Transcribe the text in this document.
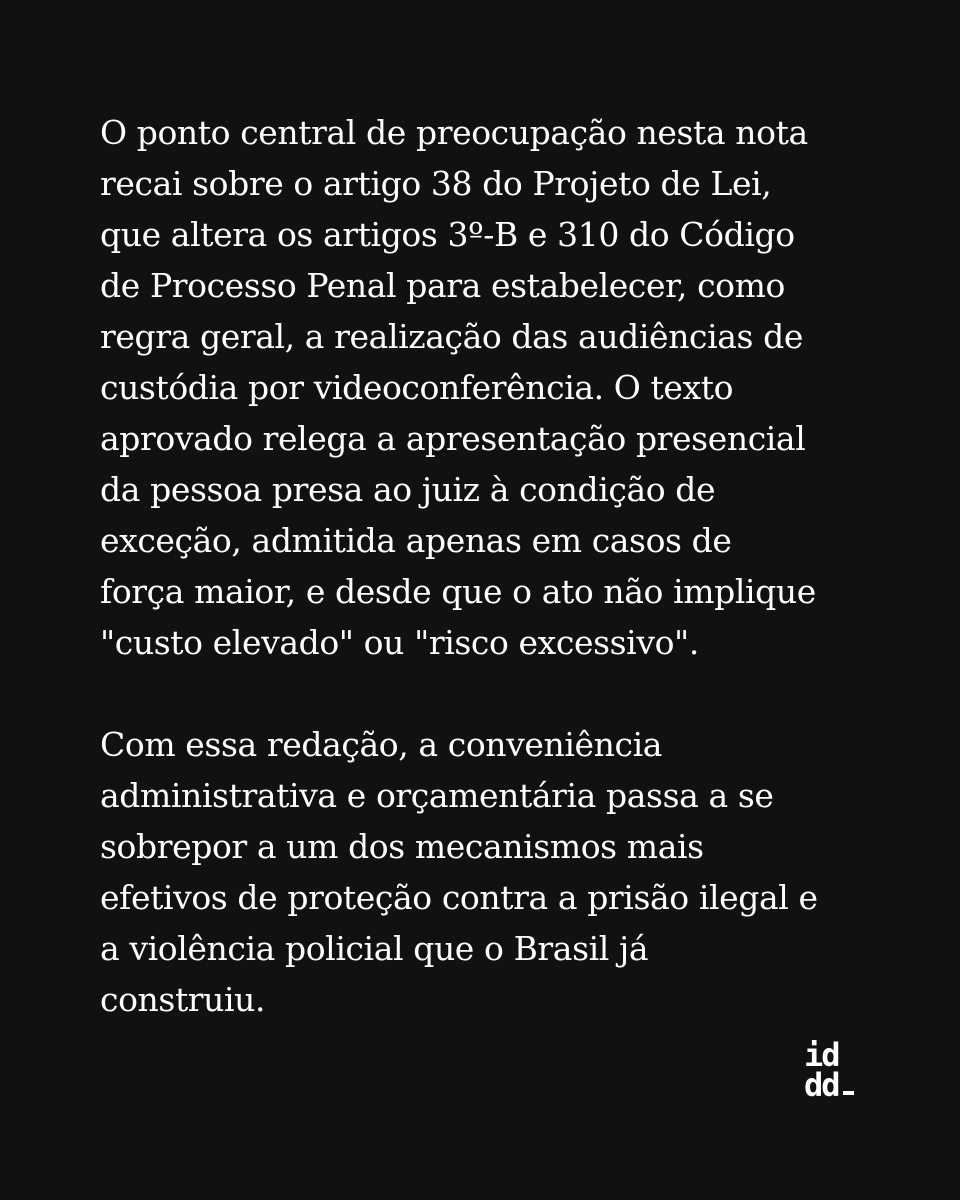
O ponto central de preocupação nesta nota
recai sobre o artigo 38 do Projeto de Lei,
que altera os artigos 3º-B e 310 do Código
de Processo Penal para estabelecer, como
regra geral, a realização das audiências de
custódia por videoconferência. O texto
aprovado relega a apresentação presencial
da pessoa presa ao juiz à condição de
exceção, admitida apenas em casos de
força maior, e desde que o ato não implique
"custo elevado" ou "risco excessivo".
Com essa redação, a conveniência
administrativa e orçamentária passa a se
sobrepor a um dos mecanismos mais
efetivos de proteção contra a prisão ilegal e
a violência policial que o Brasil já
construiu.
id
dd
